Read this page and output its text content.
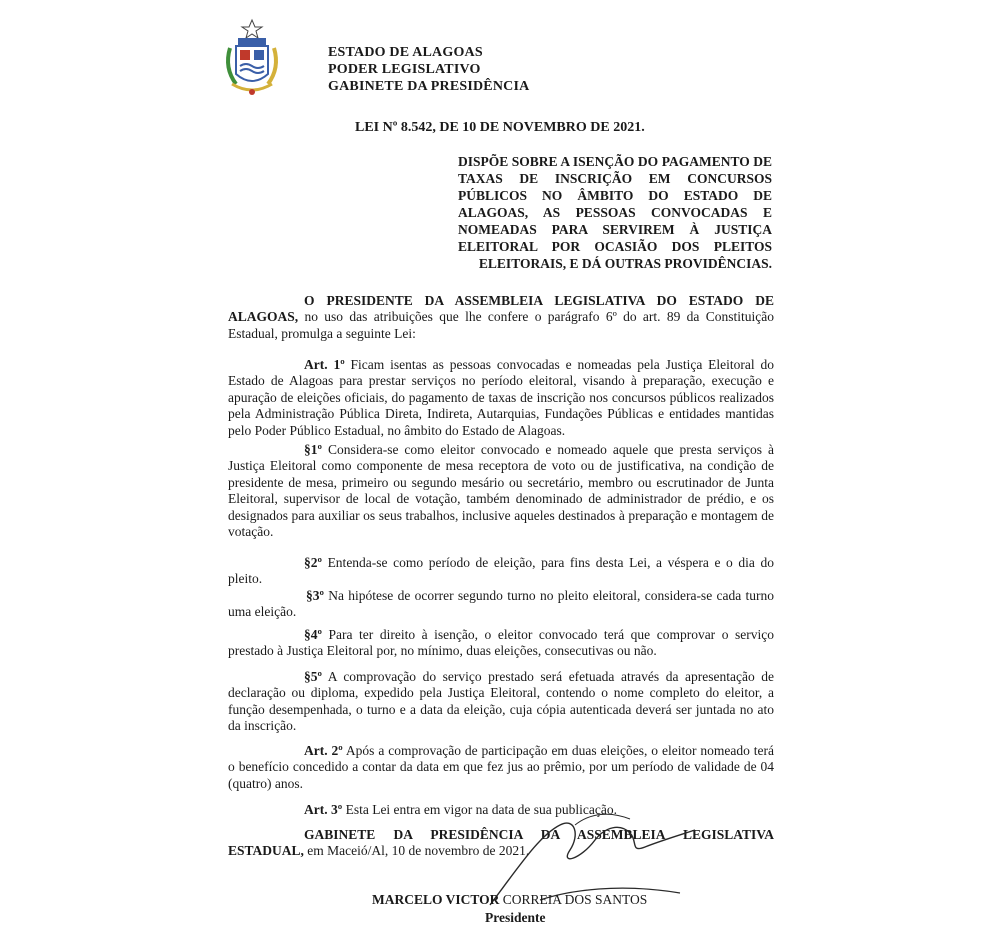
ESTADO DE ALAGOAS
PODER LEGISLATIVO
GABINETE DA PRESIDÊNCIA
LEI Nº 8.542, DE 10 DE NOVEMBRO DE 2021.
DISPÕE SOBRE A ISENÇÃO DO PAGAMENTO DE TAXAS DE INSCRIÇÃO EM CONCURSOS PÚBLICOS NO ÂMBITO DO ESTADO DE ALAGOAS, AS PESSOAS CONVOCADAS E NOMEADAS PARA SERVIREM À JUSTIÇA ELEITORAL POR OCASIÃO DOS PLEITOS ELEITORAIS, E DÁ OUTRAS PROVIDÊNCIAS.
O PRESIDENTE DA ASSEMBLEIA LEGISLATIVA DO ESTADO DE ALAGOAS, no uso das atribuições que lhe confere o parágrafo 6º do art. 89 da Constituição Estadual, promulga a seguinte Lei:
Art. 1º Ficam isentas as pessoas convocadas e nomeadas pela Justiça Eleitoral do Estado de Alagoas para prestar serviços no período eleitoral, visando à preparação, execução e apuração de eleições oficiais, do pagamento de taxas de inscrição nos concursos públicos realizados pela Administração Pública Direta, Indireta, Autarquias, Fundações Públicas e entidades mantidas pelo Poder Público Estadual, no âmbito do Estado de Alagoas.
§1º Considera-se como eleitor convocado e nomeado aquele que presta serviços à Justiça Eleitoral como componente de mesa receptora de voto ou de justificativa, na condição de presidente de mesa, primeiro ou segundo mesário ou secretário, membro ou escrutinador de Junta Eleitoral, supervisor de local de votação, também denominado de administrador de prédio, e os designados para auxiliar os seus trabalhos, inclusive aqueles destinados à preparação e montagem de votação.
§2º Entenda-se como período de eleição, para fins desta Lei, a véspera e o dia do pleito.
§3º Na hipótese de ocorrer segundo turno no pleito eleitoral, considera-se cada turno uma eleição.
§4º Para ter direito à isenção, o eleitor convocado terá que comprovar o serviço prestado à Justiça Eleitoral por, no mínimo, duas eleições, consecutivas ou não.
§5º A comprovação do serviço prestado será efetuada através da apresentação de declaração ou diploma, expedido pela Justiça Eleitoral, contendo o nome completo do eleitor, a função desempenhada, o turno e a data da eleição, cuja cópia autenticada deverá ser juntada no ato da inscrição.
Art. 2º Após a comprovação de participação em duas eleições, o eleitor nomeado terá o benefício concedido a contar da data em que fez jus ao prêmio, por um período de validade de 04 (quatro) anos.
Art. 3º Esta Lei entra em vigor na data de sua publicação.
GABINETE DA PRESIDÊNCIA DA ASSEMBLEIA LEGISLATIVA ESTADUAL, em Maceió/Al, 10 de novembro de 2021.
MARCELO VICTOR CORREIA DOS SANTOS
Presidente
